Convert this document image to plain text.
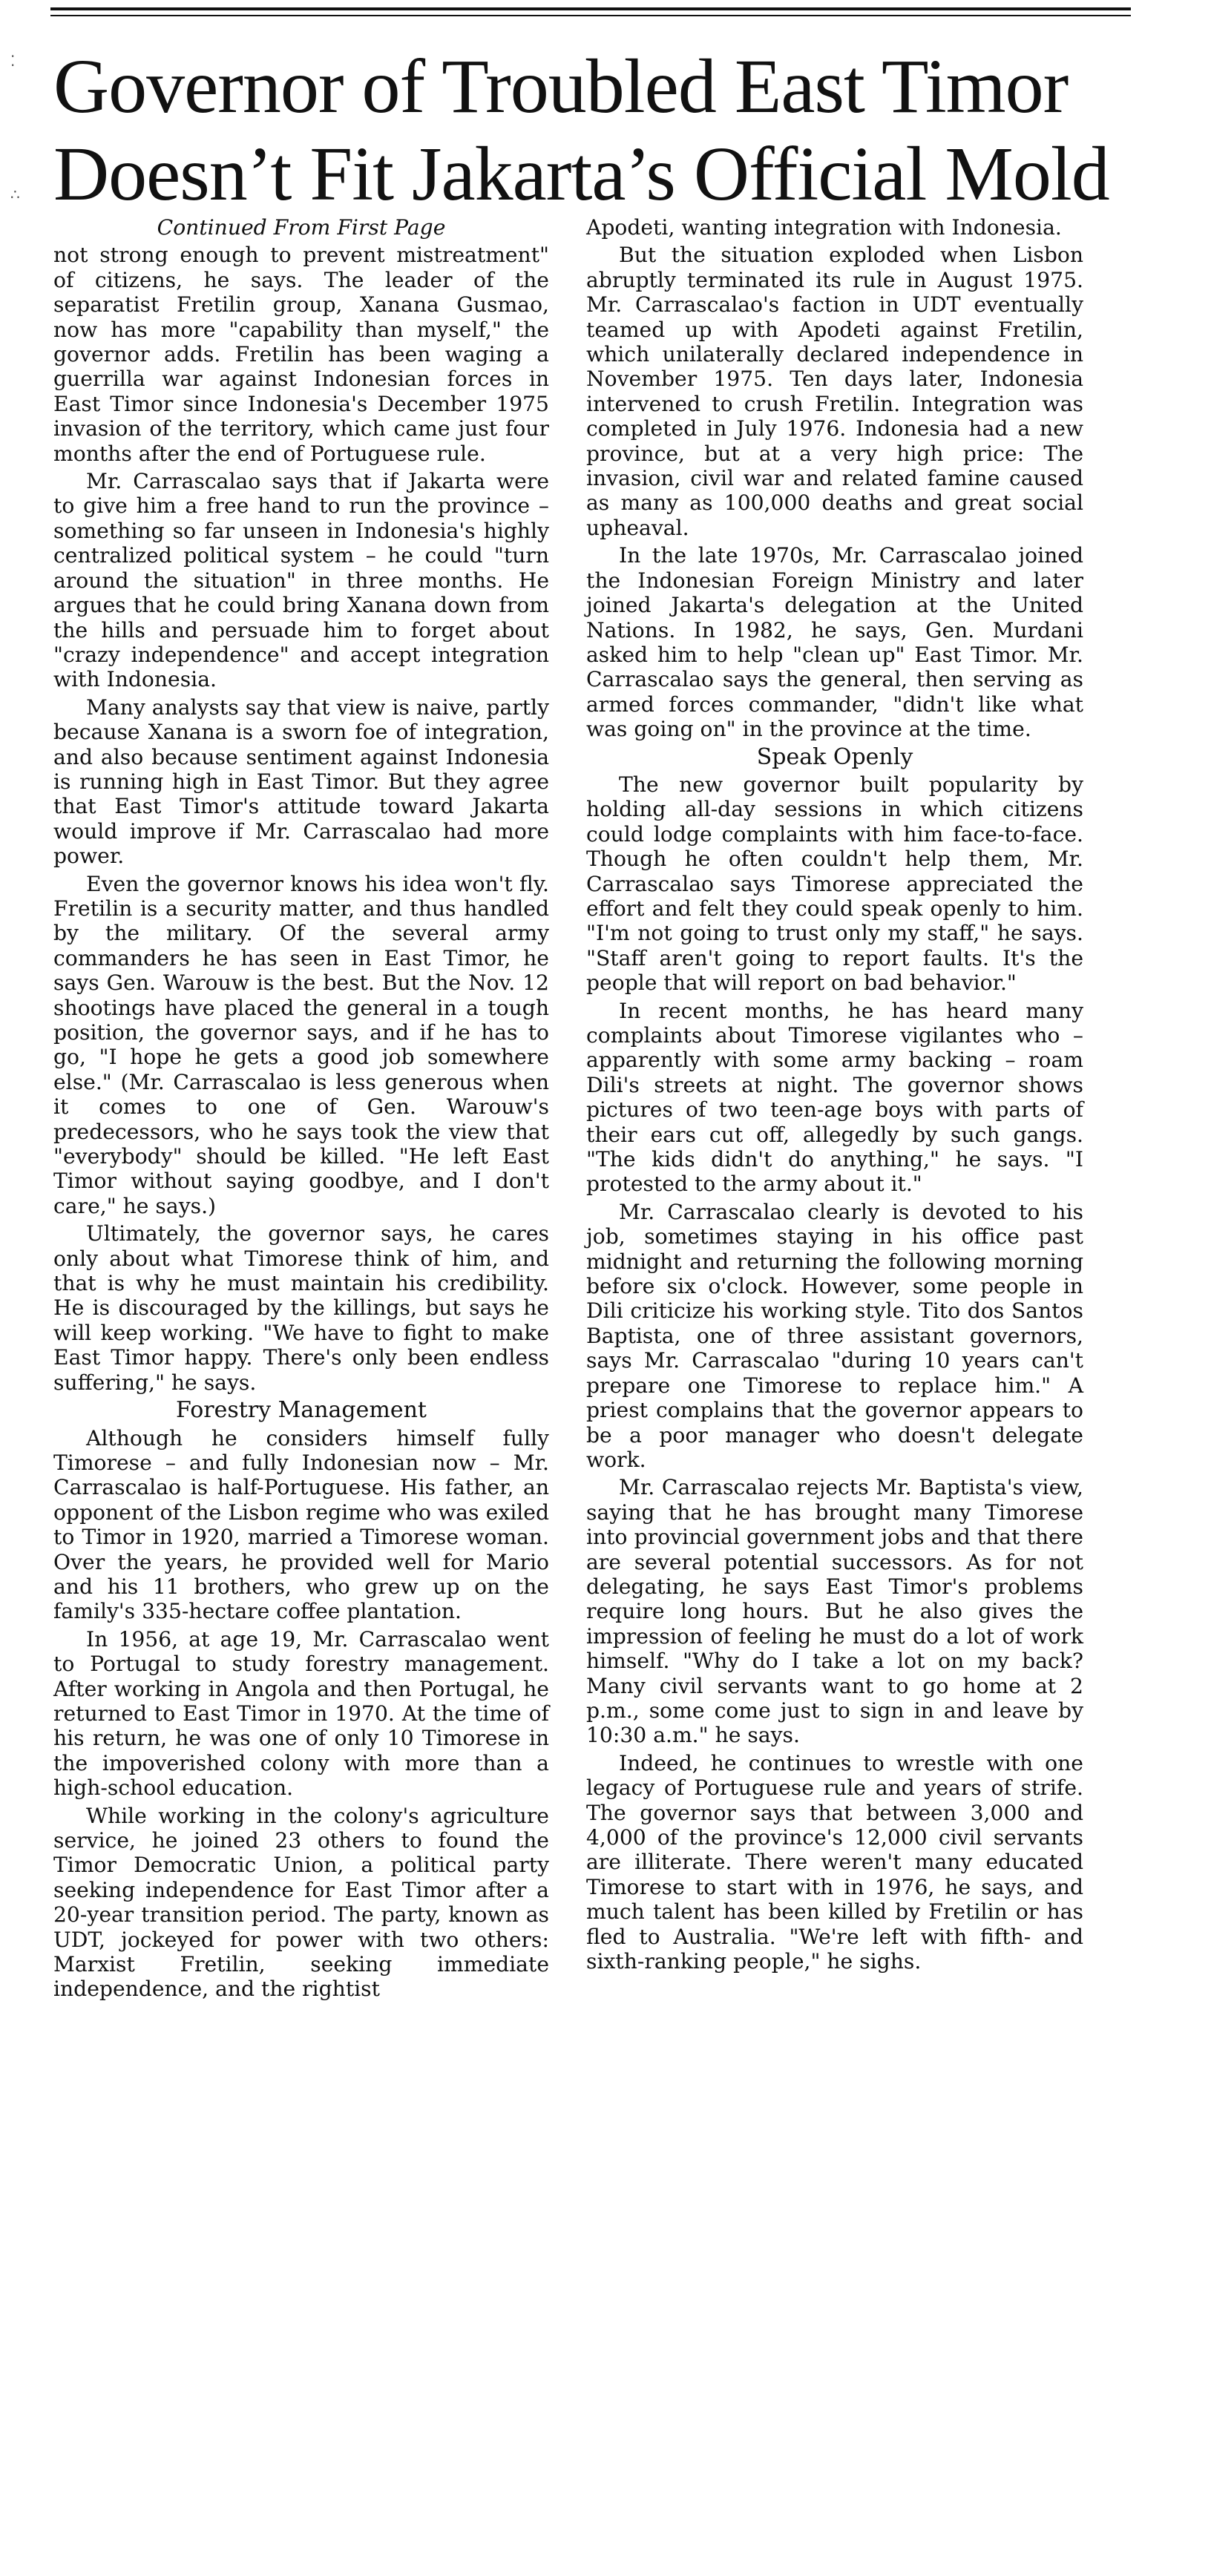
Governor of Troubled East Timor
Doesn’t Fit Jakarta’s Official Mold
⁚
∴

Continued From First Page

not strong enough to prevent mistreatment" of citizens, he says. The leader of the separatist Fretilin group, Xanana Gusmao, now has more "capability than myself," the governor adds. Fretilin has been waging a guerrilla war against Indonesian forces in East Timor since Indonesia's December 1975 invasion of the territory, which came just four months after the end of Portuguese rule.

Mr. Carrascalao says that if Jakarta were to give him a free hand to run the province – something so far unseen in Indonesia's highly centralized political system – he could "turn around the situation" in three months. He argues that he could bring Xanana down from the hills and persuade him to forget about "crazy independence" and accept integration with Indonesia.

Many analysts say that view is naive, partly because Xanana is a sworn foe of integration, and also because sentiment against Indonesia is running high in East Timor. But they agree that East Timor's attitude toward Jakarta would improve if Mr. Carrascalao had more power.

Even the governor knows his idea won't fly. Fretilin is a security matter, and thus handled by the military. Of the several army commanders he has seen in East Timor, he says Gen. Warouw is the best. But the Nov. 12 shootings have placed the general in a tough position, the governor says, and if he has to go, "I hope he gets a good job somewhere else." (Mr. Carrascalao is less generous when it comes to one of Gen. Warouw's predecessors, who he says took the view that "everybody" should be killed. "He left East Timor without saying goodbye, and I don't care," he says.)

Ultimately, the governor says, he cares only about what Timorese think of him, and that is why he must maintain his credibility. He is discouraged by the killings, but says he will keep working. "We have to fight to make East Timor happy. There's only been endless suffering," he says.

Forestry Management

Although he considers himself fully Timorese – and fully Indonesian now – Mr. Carrascalao is half-Portuguese. His father, an opponent of the Lisbon regime who was exiled to Timor in 1920, married a Timorese woman. Over the years, he provided well for Mario and his 11 brothers, who grew up on the family's 335-hectare coffee plantation.

In 1956, at age 19, Mr. Carrascalao went to Portugal to study forestry management. After working in Angola and then Portugal, he returned to East Timor in 1970. At the time of his return, he was one of only 10 Timorese in the impoverished colony with more than a high-school education.

While working in the colony's agriculture service, he joined 23 others to found the Timor Democratic Union, a political party seeking independence for East Timor after a 20-year transition period. The party, known as UDT, jockeyed for power with two others: Marxist Fretilin, seeking immediate independence, and the rightist

Apodeti, wanting integration with Indonesia.

But the situation exploded when Lisbon abruptly terminated its rule in August 1975. Mr. Carrascalao's faction in UDT eventually teamed up with Apodeti against Fretilin, which unilaterally declared independence in November 1975. Ten days later, Indonesia intervened to crush Fretilin. Integration was completed in July 1976. Indonesia had a new province, but at a very high price: The invasion, civil war and related famine caused as many as 100,000 deaths and great social upheaval.

In the late 1970s, Mr. Carrascalao joined the Indonesian Foreign Ministry and later joined Jakarta's delegation at the United Nations. In 1982, he says, Gen. Murdani asked him to help "clean up" East Timor. Mr. Carrascalao says the general, then serving as armed forces commander, "didn't like what was going on" in the province at the time.

Speak Openly

The new governor built popularity by holding all-day sessions in which citizens could lodge complaints with him face-to-face. Though he often couldn't help them, Mr. Carrascalao says Timorese appreciated the effort and felt they could speak openly to him. "I'm not going to trust only my staff," he says. "Staff aren't going to report faults. It's the people that will report on bad behavior."

In recent months, he has heard many complaints about Timorese vigilantes who – apparently with some army backing – roam Dili's streets at night. The governor shows pictures of two teen-age boys with parts of their ears cut off, allegedly by such gangs. "The kids didn't do anything," he says. "I protested to the army about it."

Mr. Carrascalao clearly is devoted to his job, sometimes staying in his office past midnight and returning the following morning before six o'clock. However, some people in Dili criticize his working style. Tito dos Santos Baptista, one of three assistant governors, says Mr. Carrascalao "during 10 years can't prepare one Timorese to replace him." A priest complains that the governor appears to be a poor manager who doesn't delegate work.

Mr. Carrascalao rejects Mr. Baptista's view, saying that he has brought many Timorese into provincial government jobs and that there are several potential successors. As for not delegating, he says East Timor's problems require long hours. But he also gives the impression of feeling he must do a lot of work himself. "Why do I take a lot on my back? Many civil servants want to go home at 2 p.m., some come just to sign in and leave by 10:30 a.m." he says.

Indeed, he continues to wrestle with one legacy of Portuguese rule and years of strife. The governor says that between 3,000 and 4,000 of the province's 12,000 civil servants are illiterate. There weren't many educated Timorese to start with in 1976, he says, and much talent has been killed by Fretilin or has fled to Australia. "We're left with fifth- and sixth-ranking people," he sighs.
